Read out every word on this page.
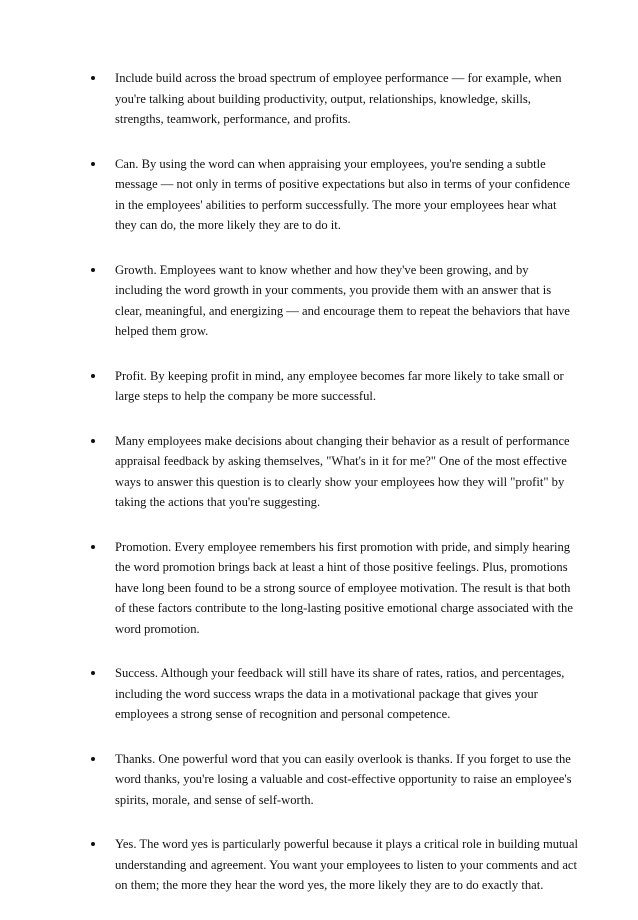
Include build across the broad spectrum of employee performance — for example, when you're talking about building productivity, output, relationships, knowledge, skills, strengths, teamwork, performance, and profits.
Can. By using the word can when appraising your employees, you're sending a subtle message — not only in terms of positive expectations but also in terms of your confidence in the employees' abilities to perform successfully. The more your employees hear what they can do, the more likely they are to do it.
Growth. Employees want to know whether and how they've been growing, and by including the word growth in your comments, you provide them with an answer that is clear, meaningful, and energizing — and encourage them to repeat the behaviors that have helped them grow.
Profit. By keeping profit in mind, any employee becomes far more likely to take small or large steps to help the company be more successful.
Many employees make decisions about changing their behavior as a result of performance appraisal feedback by asking themselves, "What's in it for me?" One of the most effective ways to answer this question is to clearly show your employees how they will "profit" by taking the actions that you're suggesting.
Promotion. Every employee remembers his first promotion with pride, and simply hearing the word promotion brings back at least a hint of those positive feelings. Plus, promotions have long been found to be a strong source of employee motivation. The result is that both of these factors contribute to the long-lasting positive emotional charge associated with the word promotion.
Success. Although your feedback will still have its share of rates, ratios, and percentages, including the word success wraps the data in a motivational package that gives your employees a strong sense of recognition and personal competence.
Thanks. One powerful word that you can easily overlook is thanks. If you forget to use the word thanks, you're losing a valuable and cost-effective opportunity to raise an employee's spirits, morale, and sense of self-worth.
Yes. The word yes is particularly powerful because it plays a critical role in building mutual understanding and agreement. You want your employees to listen to your comments and act on them; the more they hear the word yes, the more likely they are to do exactly that.
